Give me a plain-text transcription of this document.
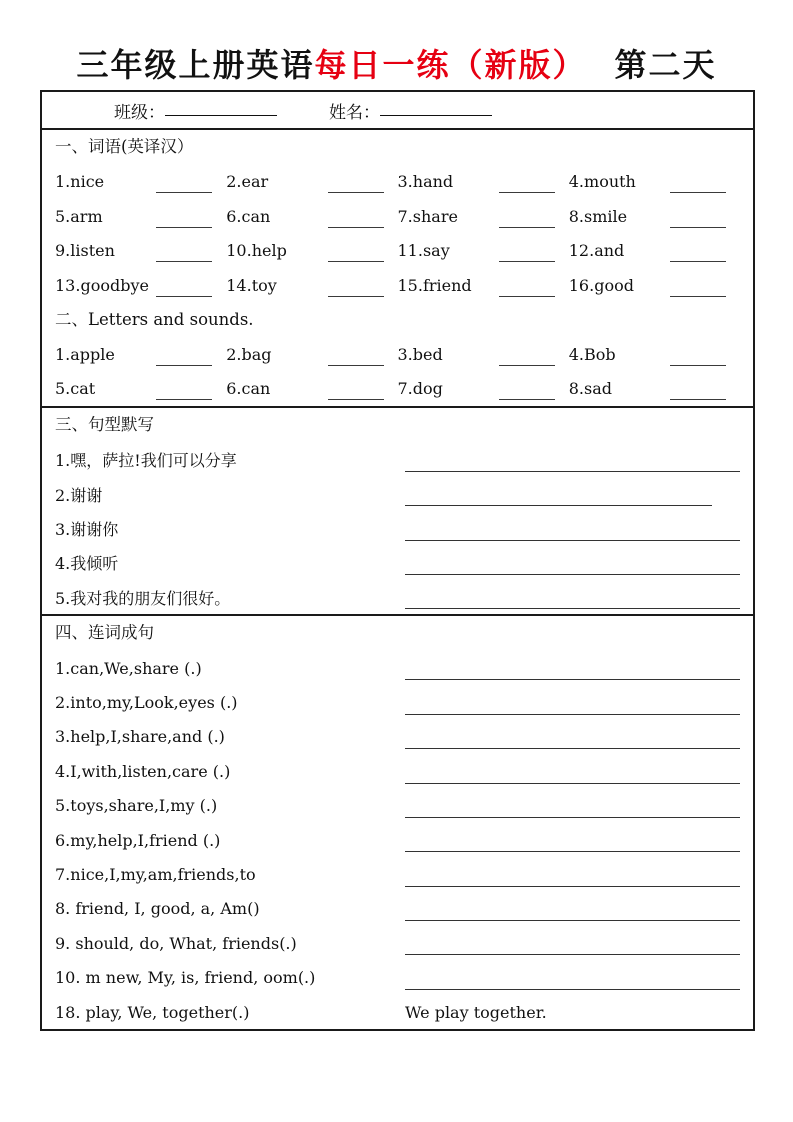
三年级上册英语每日一练（新版） 第二天
班级：	姓名：
一、词语(英译汉）
1.nice	2.ear	3.hand	4.mouth
5.arm	6.can	7.share	8.smile
9.listen	10.help	11.say	12.and
13.goodbye	14.toy	15.friend	16.good
二、Letters and sounds.
1.apple	2.bag	3.bed	4.Bob
5.cat	6.can	7.dog	8.sad
三、句型默写
1.嘿，萨拉!我们可以分享
2.谢谢
3.谢谢你
4.我倾听
5.我对我的朋友们很好。
四、连词成句
1.can,We,share (.)
2.into,my,Look,eyes (.)
3.help,I,share,and (.)
4.I,with,listen,care (.)
5.toys,share,I,my (.)
6.my,help,I,friend (.)
7.nice,I,my,am,friends,to
8. friend, I, good, a, Am()
9. should, do, What, friends(.)
10. m new, My, is, friend, oom(.)
18. play, We, together(.)	We play together.
